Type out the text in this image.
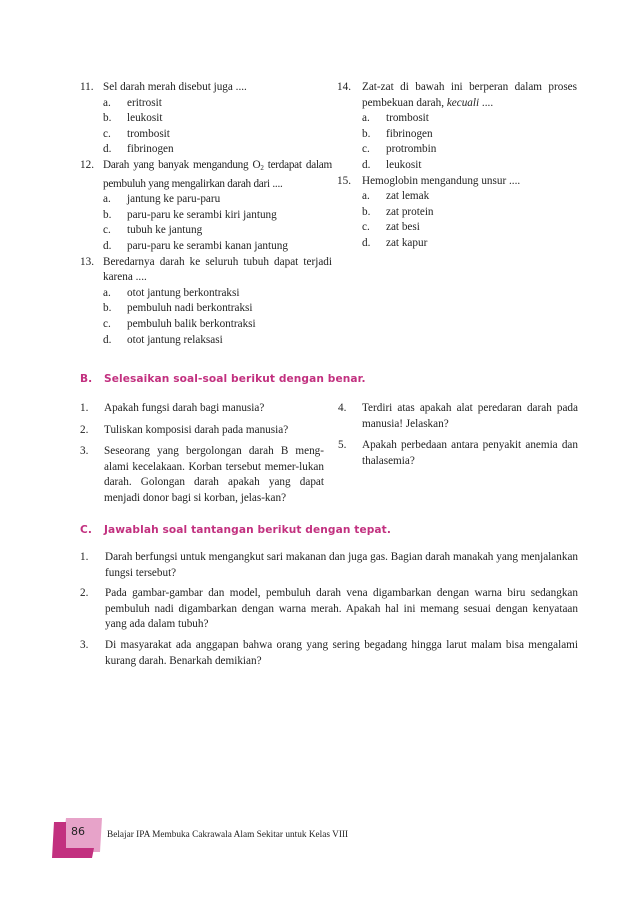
11. Sel darah merah disebut juga ....
a. eritrosit
b. leukosit
c. trombosit
d. fibrinogen
12. Darah yang banyak mengandung $O_2$ terdapat dalam pembuluh yang mengalirkan darah dari ....
a. jantung ke paru-paru
b. paru-paru ke serambi kiri jantung
c. tubuh ke jantung
d. paru-paru ke serambi kanan jantung
13. Beredarnya darah ke seluruh tubuh dapat terjadi karena ....
a. otot jantung berkontraksi
b. pembuluh nadi berkontraksi
c. pembuluh balik berkontraksi
d. otot jantung relaksasi
14. Zat-zat di bawah ini berperan dalam proses pembekuan darah, kecuali ....
a. trombosit
b. fibrinogen
c. protrombin
d. leukosit
15. Hemoglobin mengandung unsur ....
a. zat lemak
b. zat protein
c. zat besi
d. zat kapur
B. Selesaikan soal-soal berikut dengan benar.
1. Apakah fungsi darah bagi manusia?
2. Tuliskan komposisi darah pada manusia?
3. Seseorang yang bergolongan darah B meng-alami kecelakaan. Korban tersebut memer-lukan darah. Golongan darah apakah yang dapat menjadi donor bagi si korban, jelas-kan?
4. Terdiri atas apakah alat peredaran darah pada manusia! Jelaskan?
5. Apakah perbedaan antara penyakit anemia dan thalasemia?
C. Jawablah soal tantangan berikut dengan tepat.
1. Darah berfungsi untuk mengangkut sari makanan dan juga gas. Bagian darah manakah yang menjalankan fungsi tersebut?
2. Pada gambar-gambar dan model, pembuluh darah vena digambarkan dengan warna biru sedangkan pembuluh nadi digambarkan dengan warna merah. Apakah hal ini memang sesuai dengan kenyataan yang ada dalam tubuh?
3. Di masyarakat ada anggapan bahwa orang yang sering begadang hingga larut malam bisa mengalami kurang darah. Benarkah demikian?
86 Belajar IPA Membuka Cakrawala Alam Sekitar untuk Kelas VIII
